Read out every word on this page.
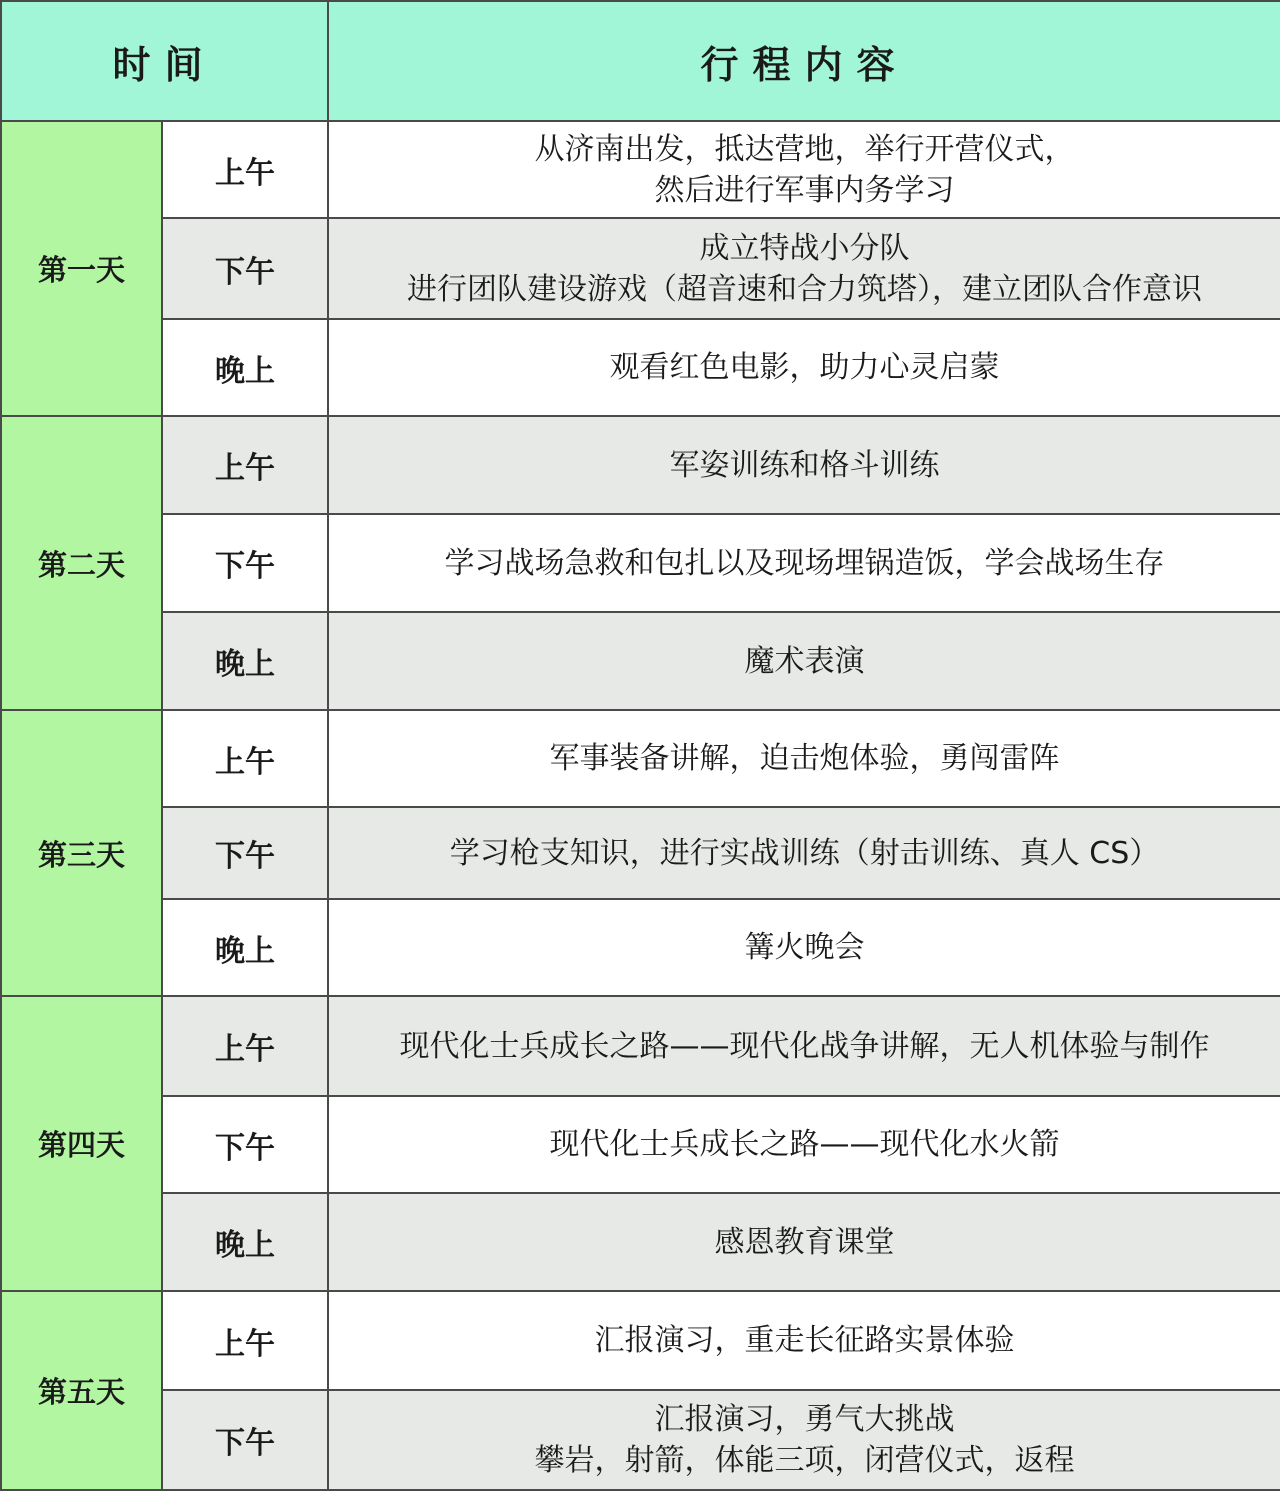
时间		行程内容
第一天	上午	从济南出发，抵达营地，举行开营仪式，
然后进行军事内务学习

	下午	成立特战小分队
进行团队建设游戏（超音速和合力筑塔），建立团队合作意识

	晚上	观看红色电影，助力心灵启蒙

第二天	上午	军姿训练和格斗训练

	下午	学习战场急救和包扎以及现场埋锅造饭，学会战场生存

	晚上	魔术表演

第三天	上午	军事装备讲解，迫击炮体验，勇闯雷阵

	下午	学习枪支知识，进行实战训练（射击训练、真人 CS）

	晚上	篝火晚会

第四天	上午	现代化士兵成长之路——现代化战争讲解，无人机体验与制作

	下午	现代化士兵成长之路——现代化水火箭

	晚上	感恩教育课堂

第五天	上午	汇报演习，重走长征路实景体验

	下午	汇报演习，勇气大挑战
攀岩，射箭，体能三项，闭营仪式，返程
